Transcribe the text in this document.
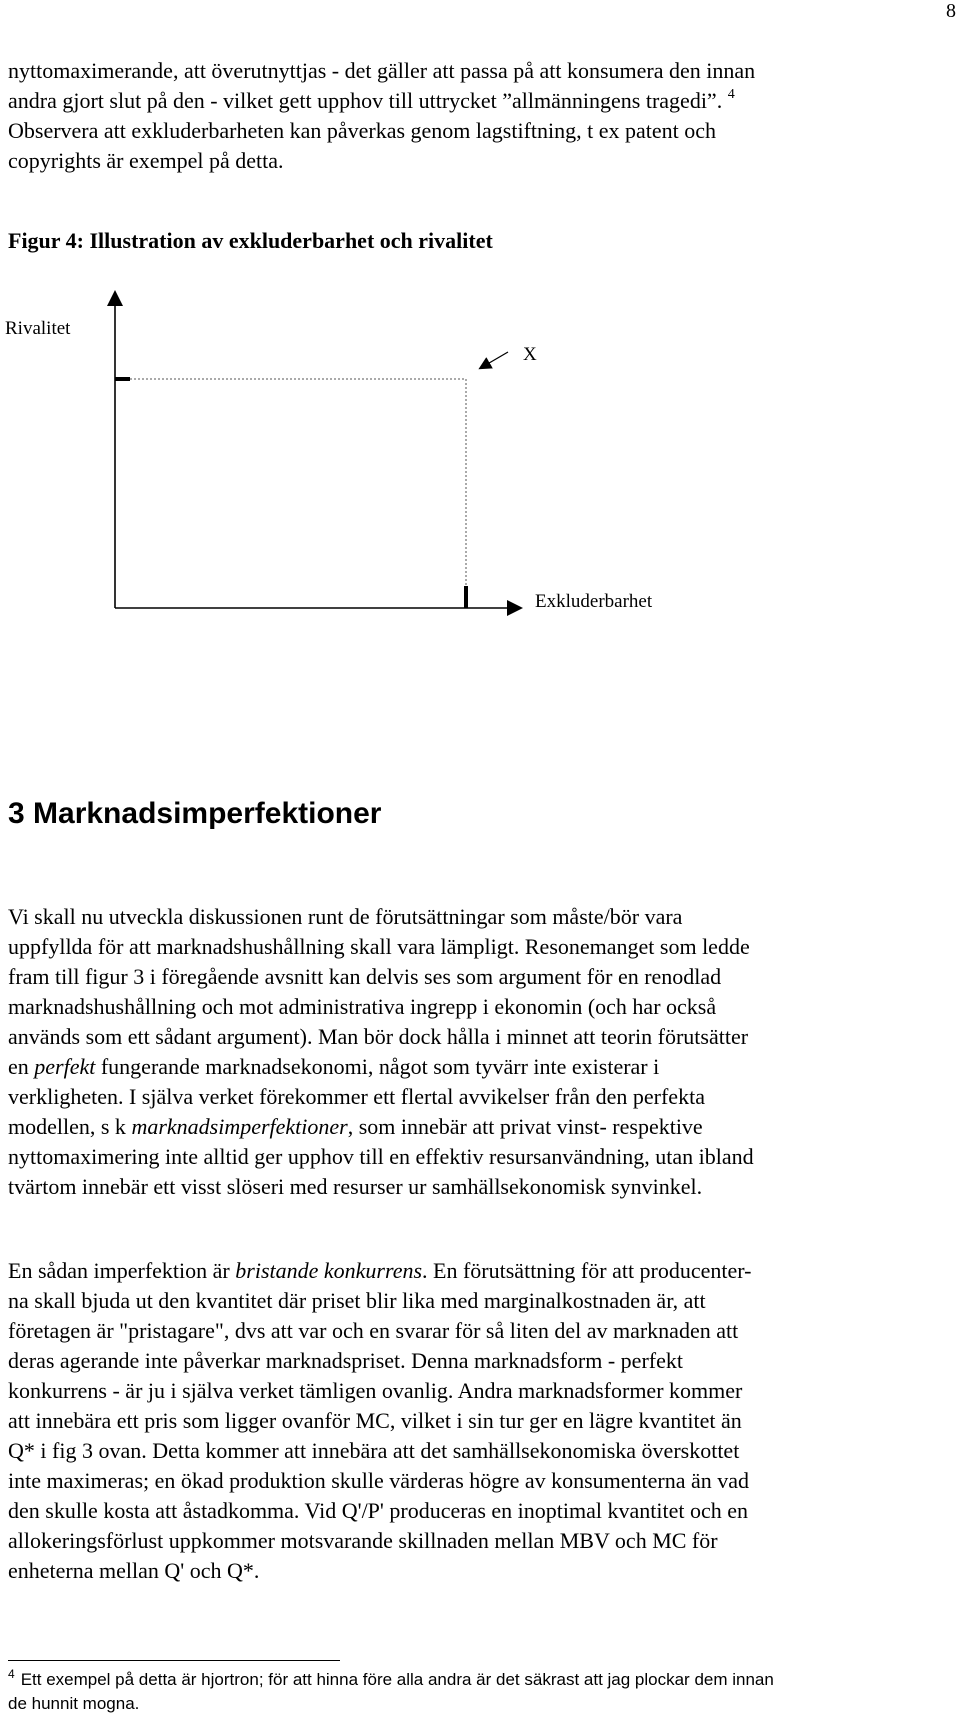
8

nyttomaximerande, att överutnyttjas - det gäller att passa på att konsumera den innan
andra gjort slut på den - vilket gett upphov till uttrycket ”allmänningens tragedi”. $^4$
Observera att exkluderbarheten kan påverkas genom lagstiftning, t ex patent och
copyrights är exempel på detta.

Figur 4: Illustration av exkluderbarhet och rivalitet
Rivalitet
X
Exkluderbarhet
3 Marknadsimperfektioner

Vi skall nu utveckla diskussionen runt de förutsättningar som måste/bör vara
uppfyllda för att marknadshushållning skall vara lämpligt. Resonemanget som ledde
fram till figur 3 i föregående avsnitt kan delvis ses som argument för en renodlad
marknadshushållning och mot administrativa ingrepp i ekonomin (och har också
används som ett sådant argument). Man bör dock hålla i minnet att teorin förutsätter
en perfekt fungerande marknadsekonomi, något som tyvärr inte existerar i
verkligheten. I själva verket förekommer ett flertal avvikelser från den perfekta
modellen, s k marknadsimperfektioner, som innebär att privat vinst- respektive
nyttomaximering inte alltid ger upphov till en effektiv resursanvändning, utan ibland
tvärtom innebär ett visst slöseri med resurser ur samhällsekonomisk synvinkel.

En sådan imperfektion är bristande konkurrens. En förutsättning för att producenter-
na skall bjuda ut den kvantitet där priset blir lika med marginalkostnaden är, att
företagen är "pristagare", dvs att var och en svarar för så liten del av marknaden att
deras agerande inte påverkar marknadspriset. Denna marknadsform - perfekt
konkurrens - är ju i själva verket tämligen ovanlig. Andra marknadsformer kommer
att innebära ett pris som ligger ovanför MC, vilket i sin tur ger en lägre kvantitet än
Q* i fig 3 ovan. Detta kommer att innebära att det samhällsekonomiska överskottet
inte maximeras; en ökad produktion skulle värderas högre av konsumenterna än vad
den skulle kosta att åstadkomma. Vid Q'/P' produceras en inoptimal kvantitet och en
allokeringsförlust uppkommer motsvarande skillnaden mellan MBV och MC för
enheterna mellan Q' och Q*.

$^4$ Ett exempel på detta är hjortron; för att hinna före alla andra är det säkrast att jag plockar dem innan
de hunnit mogna.
